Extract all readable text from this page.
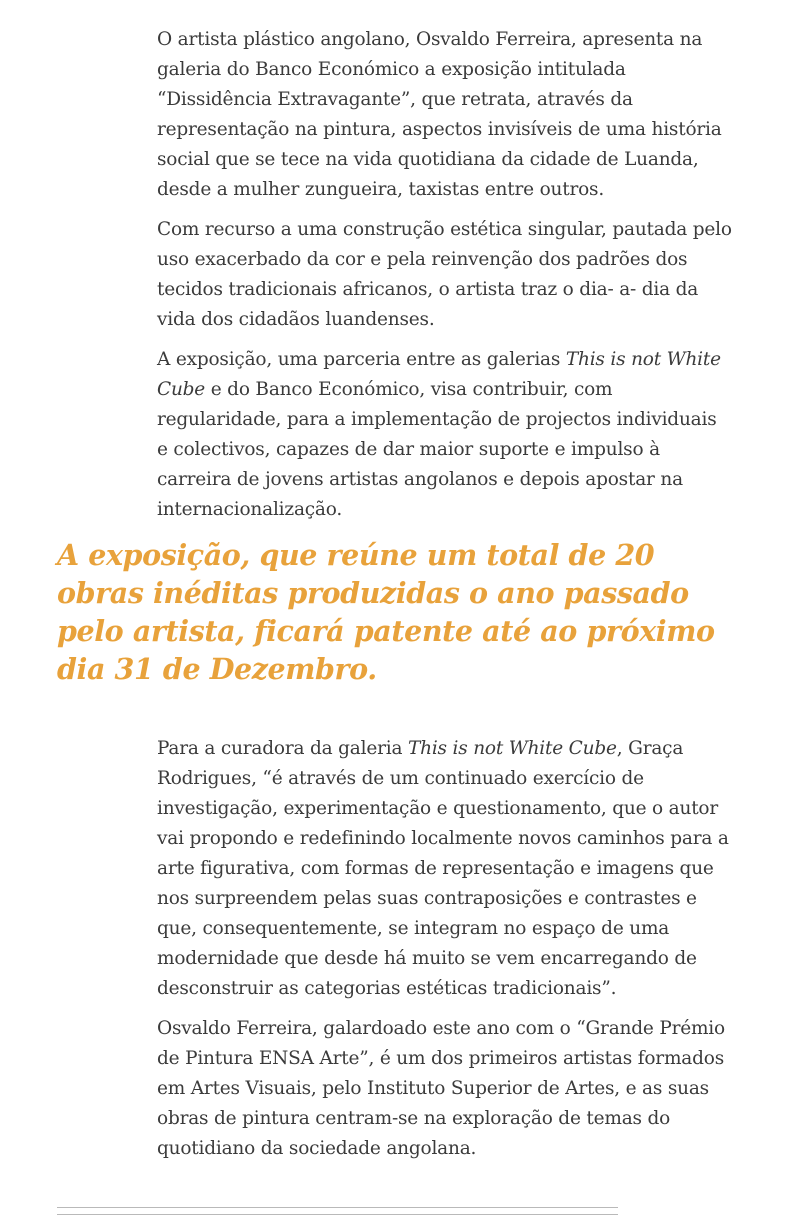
O artista plástico angolano, Osvaldo Ferreira, apresenta na galeria do Banco Económico a exposição intitulada “Dissidência Extravagante”, que retrata, através da representação na pintura, aspectos invisíveis de uma história social que se tece na vida quotidiana da cidade de Luanda, desde a mulher zungueira, taxistas entre outros.

Com recurso a uma construção estética singular, pautada pelo uso exacerbado da cor e pela reinvenção dos padrões dos tecidos tradicionais africanos, o artista traz o dia- a- dia da vida dos cidadãos luandenses.

A exposição, uma parceria entre as galerias This is not White Cube e do Banco Económico, visa contribuir, com regularidade, para a implementação de projectos individuais e colectivos, capazes de dar maior suporte e impulso à carreira de jovens artistas angolanos e depois apostar na internacionalização.

A exposição, que reúne um total de 20 obras inéditas produzidas o ano passado pelo artista, ficará patente até ao próximo dia 31 de Dezembro.

Para a curadora da galeria This is not White Cube, Graça Rodrigues, “é através de um continuado exercício de investigação, experimentação e questionamento, que o autor vai propondo e redefinindo localmente novos caminhos para a arte figurativa, com formas de representação e imagens que nos surpreendem pelas suas contraposições e contrastes e que, consequentemente, se integram no espaço de uma modernidade que desde há muito se vem encarregando de desconstruir as categorias estéticas tradicionais”.

Osvaldo Ferreira, galardoado este ano com o “Grande Prémio de Pintura ENSA Arte”, é um dos primeiros artistas formados em Artes Visuais, pelo Instituto Superior de Artes, e as suas obras de pintura centram-se na exploração de temas do quotidiano da sociedade angolana.
